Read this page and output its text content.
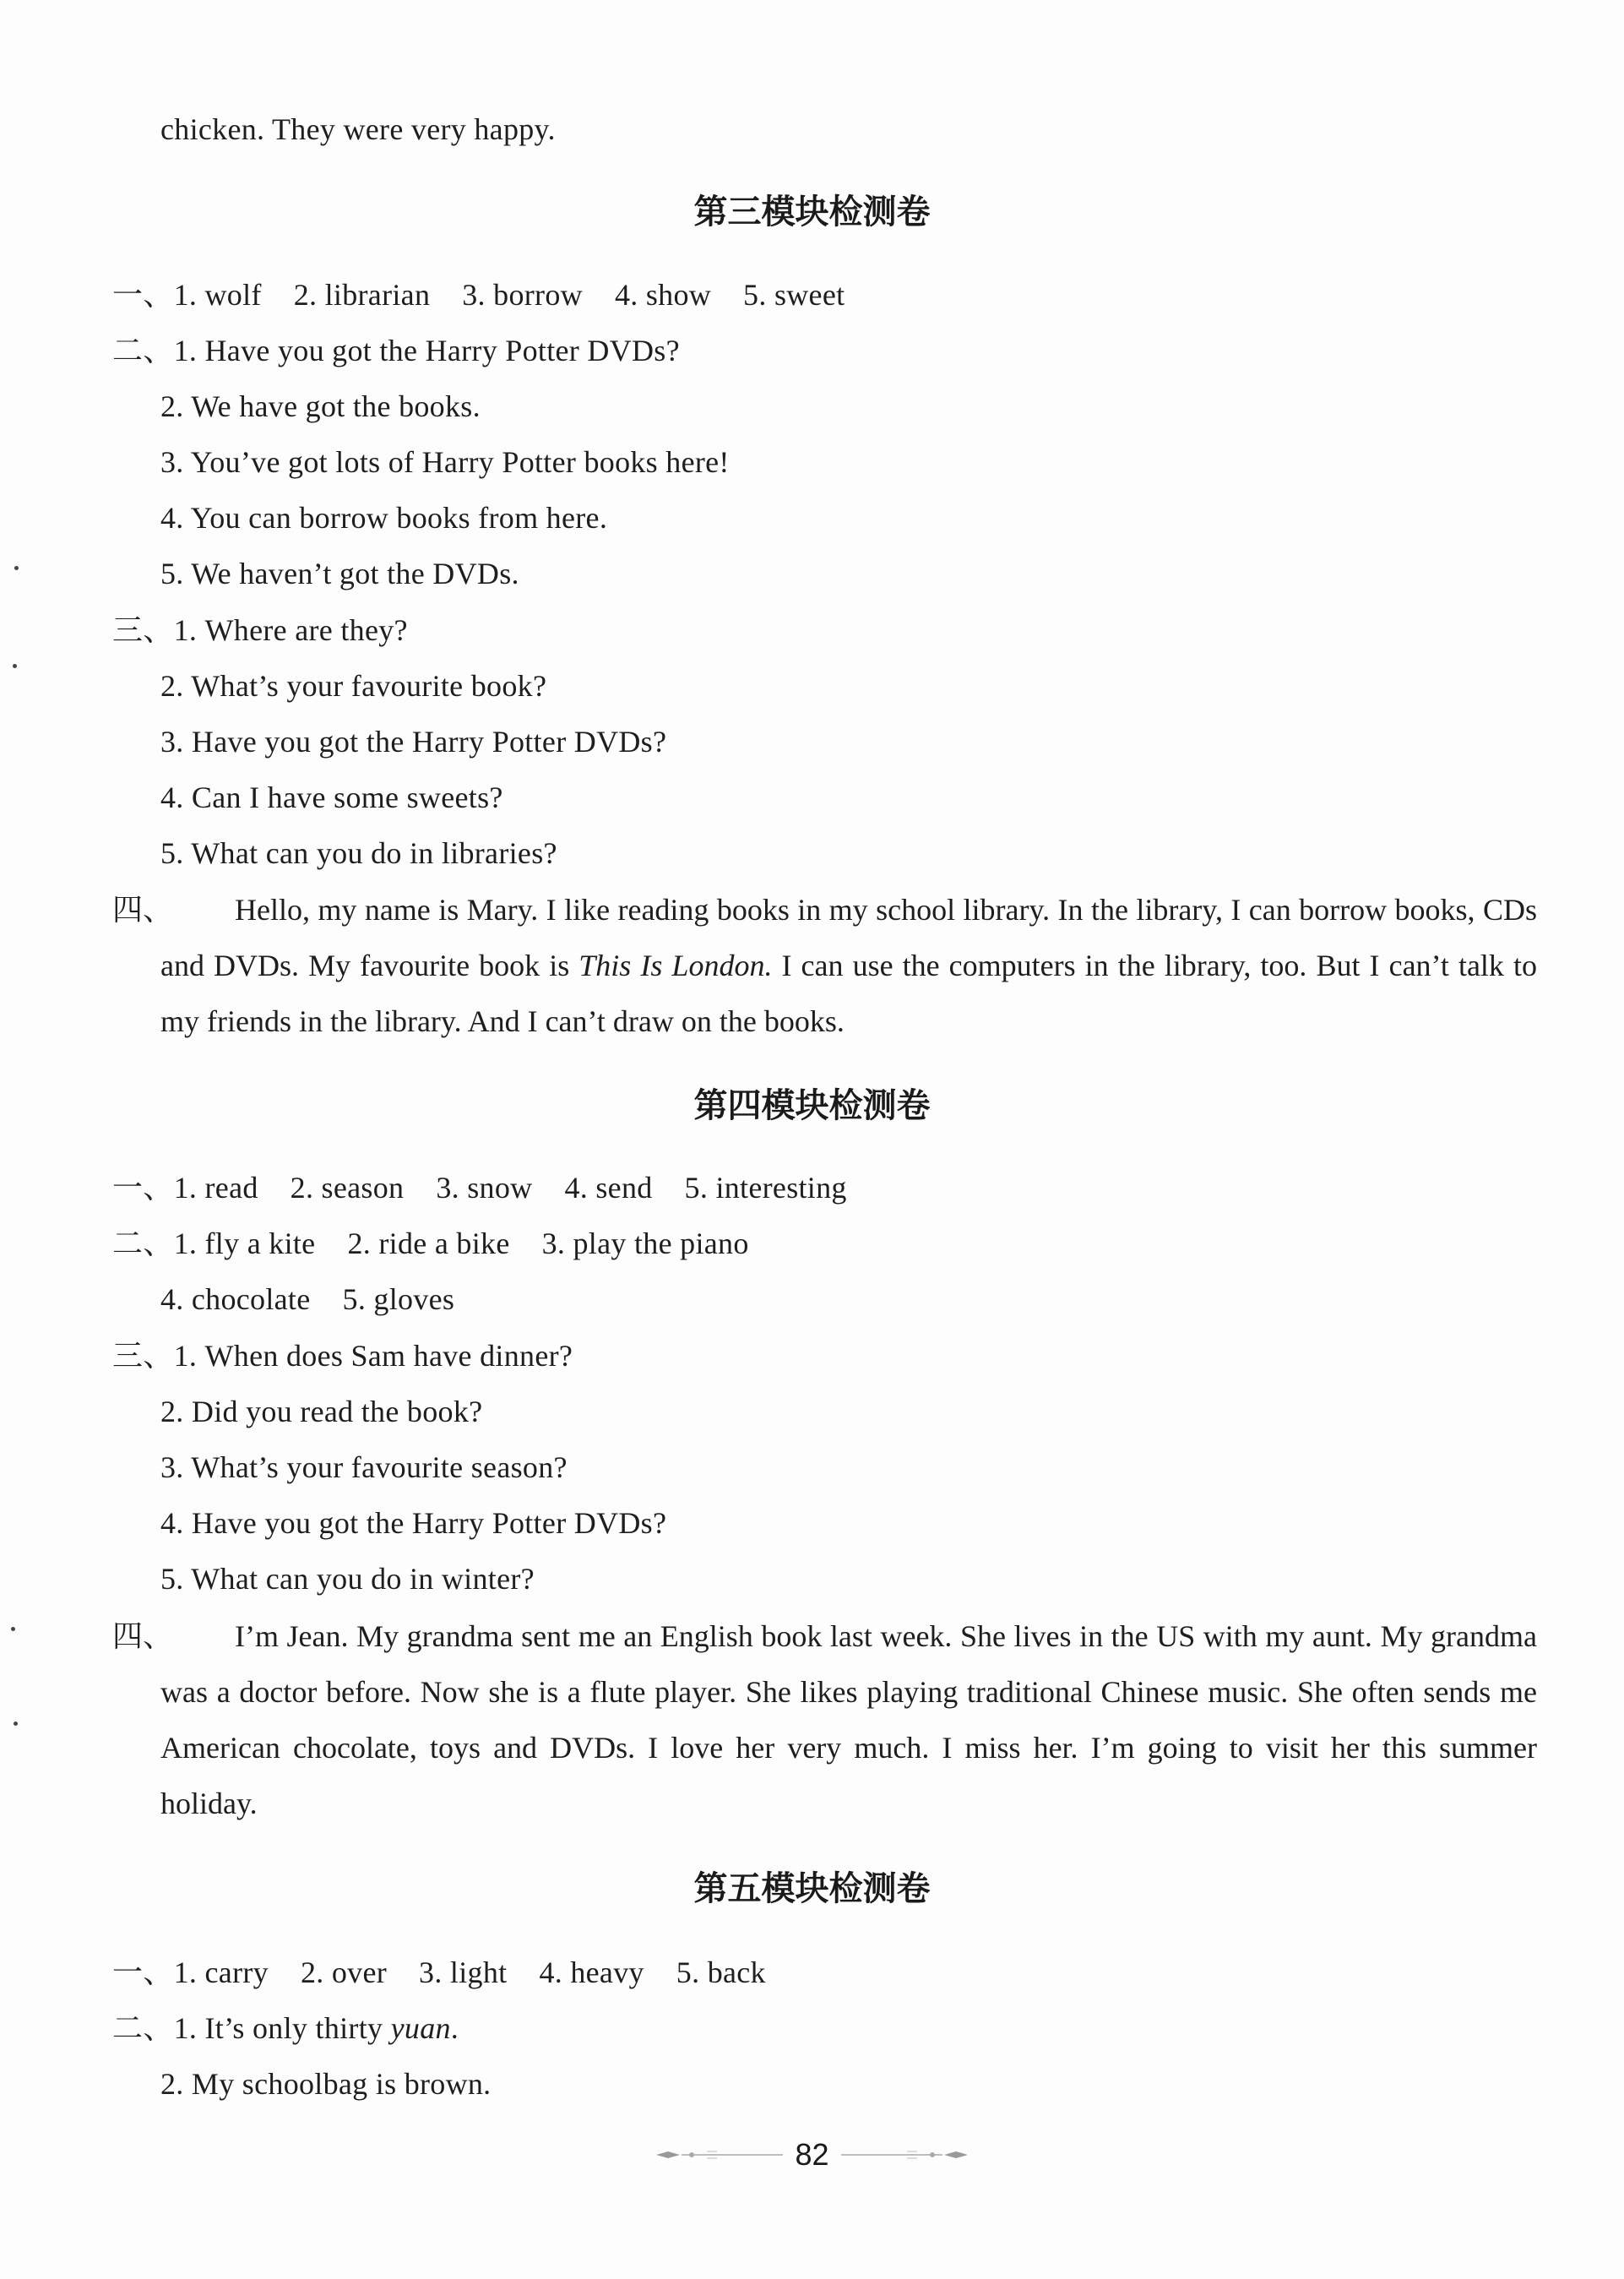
chicken. They were very happy.
第三模块检测卷
一、1. wolf 2. librarian 3. borrow 4. show 5. sweet
二、1. Have you got the Harry Potter DVDs?
2. We have got the books.
3. You’ve got lots of Harry Potter books here!
4. You can borrow books from here.
5. We haven’t got the DVDs.
三、1. Where are they?
2. What’s your favourite book?
3. Have you got the Harry Potter DVDs?
4. Can I have some sweets?
5. What can you do in libraries?
四、 Hello, my name is Mary. I like reading books in my school library. In the library, I can borrow books, CDs and DVDs. My favourite book is This Is London. I can use the computers in the library, too. But I can’t talk to my friends in the library. And I can’t draw on the books.
第四模块检测卷
一、1. read 2. season 3. snow 4. send 5. interesting
二、1. fly a kite 2. ride a bike 3. play the piano
4. chocolate 5. gloves
三、1. When does Sam have dinner?
2. Did you read the book?
3. What’s your favourite season?
4. Have you got the Harry Potter DVDs?
5. What can you do in winter?
四、 I’m Jean. My grandma sent me an English book last week. She lives in the US with my aunt. My grandma was a doctor before. Now she is a flute player. She likes playing traditional Chinese music. She often sends me American chocolate, toys and DVDs. I love her very much. I miss her. I’m going to visit her this summer holiday.
第五模块检测卷
一、1. carry 2. over 3. light 4. heavy 5. back
二、1. It’s only thirty yuan.
2. My schoolbag is brown.
82
